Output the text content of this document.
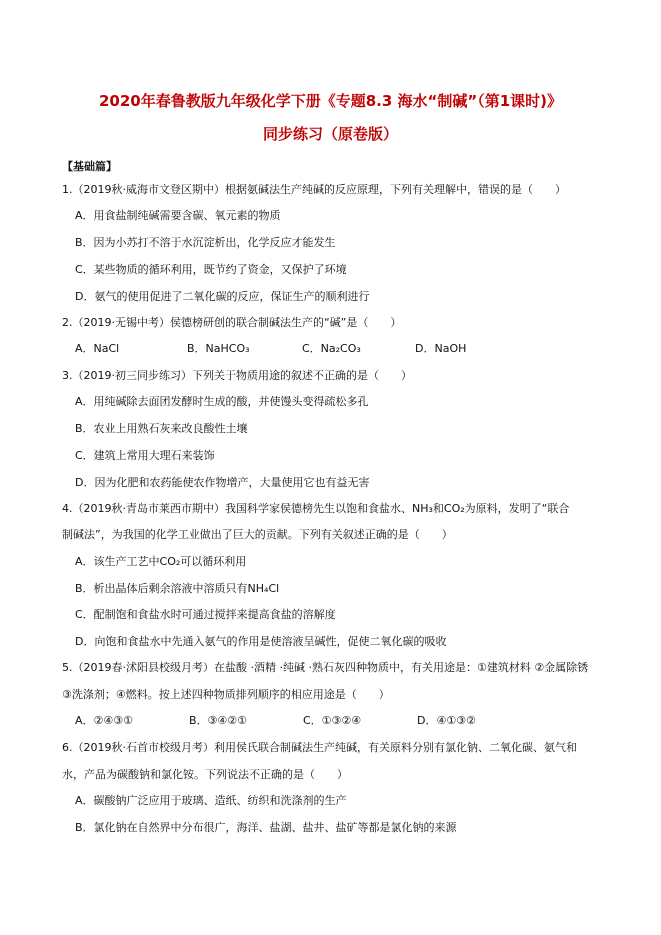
2020年春鲁教版九年级化学下册《专题8.3 海水“制碱”（第1课时)》
同步练习（原卷版）
【基础篇】
1.（2019秋·威海市文登区期中）根据氨碱法生产纯碱的反应原理，下列有关理解中，错误的是（　　）
A．用食盐制纯碱需要含碳、氧元素的物质
B．因为小苏打不溶于水沉淀析出，化学反应才能发生
C．某些物质的循环利用，既节约了资金，又保护了环境
D．氨气的使用促进了二氧化碳的反应，保证生产的顺利进行
2.（2019·无锡中考）侯德榜研创的联合制碱法生产的“碱”是（　　）
A．NaCl	B．NaHCO₃	C．Na₂CO₃	D．NaOH
3.（2019·初三同步练习）下列关于物质用途的叙述不正确的是（　　）
A．用纯碱除去面团发酵时生成的酸，并使馒头变得疏松多孔
B．农业上用熟石灰来改良酸性土壤
C．建筑上常用大理石来装饰
D．因为化肥和农药能使农作物增产，大量使用它也有益无害
4.（2019秋·青岛市莱西市期中）我国科学家侯德榜先生以饱和食盐水、NH₃和CO₂为原料，发明了“联合
制碱法”，为我国的化学工业做出了巨大的贡献。下列有关叙述正确的是（　　）
A．该生产工艺中CO₂可以循环利用
B．析出晶体后剩余溶液中溶质只有NH₄Cl
C．配制饱和食盐水时可通过搅拌来提高食盐的溶解度
D．向饱和食盐水中先通入氨气的作用是使溶液呈碱性，促使二氧化碳的吸收
5.（2019春·沭阳县校级月考）在盐酸 ·酒精 ·纯碱 ·熟石灰四种物质中，有关用途是：①建筑材料 ②金属除锈
③洗涤剂；④燃料。按上述四种物质排列顺序的相应用途是（　　）
A．②④③①	B．③④②①	C．①③②④	D．④①③②
6.（2019秋·石首市校级月考）利用侯氏联合制碱法生产纯碱，有关原料分别有氯化钠、二氧化碳、氨气和
水，产品为碳酸钠和氯化铵。下列说法不正确的是（　　）
A．碳酸钠广泛应用于玻璃、造纸、纺织和洗涤剂的生产
B．氯化钠在自然界中分布很广，海洋、盐湖、盐井、盐矿等都是氯化钠的来源
